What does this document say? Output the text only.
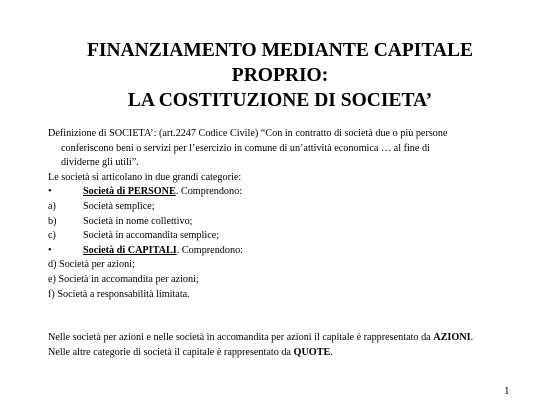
FINANZIAMENTO MEDIANTE CAPITALE
PROPRIO:
LA COSTITUZIONE DI SOCIETA’
Definizione di SOCIETA’: (art.2247 Codice Civile) “Con in contratto di società due o più persone
conferiscono beni o servizi per l’esercizio in comune di un’attività economica … al fine di
dividerne gli utili”.
Le società si articolano in due grandi categorie:
•	Società di PERSONE. Comprendono:
a)	Società semplice;
b)	Società in nome collettivo;
c)	Società in accomandita semplice;
•	Società di CAPITALI. Comprendono:
d) Società per azioni;
e) Società in accomandita per azioni;
f) Società a responsabilità limitata.
Nelle società per azioni e nelle società in accomandita per azioni il capitale è rappresentato da AZIONI.
Nelle altre categorie di società il capitale è rappresentato da QUOTE.
1
